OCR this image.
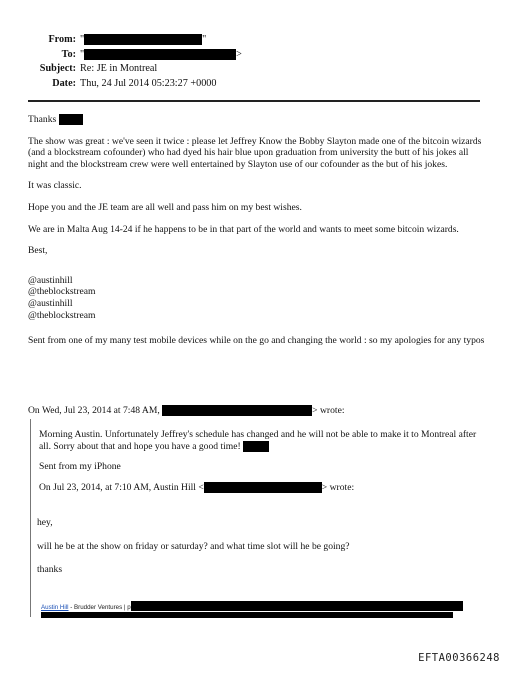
From: "	"
To: "	>
Subject: Re: JE in Montreal
Date: Thu, 24 Jul 2014 05:23:27 +0000

Thanks

The show was great : we've seen it twice : please let Jeffrey Know the Bobby Slayton made one of the bitcoin wizards (and a blockstream cofounder) who had dyed his hair blue upon graduation from university the butt of his jokes all night and the blockstream crew were well entertained by Slayton use of our cofounder as the but of his jokes.

It was classic.

Hope you and the JE team are all well and pass him on my best wishes.

We are in Malta Aug 14-24 if he happens to be in that part of the world and wants to meet some bitcoin wizards.

Best,

@austinhill

@theblockstream

@austinhill

@theblockstream

Sent from one of my many test mobile devices while on the go and changing the world : so my apologies for any typos

On Wed, Jul 23, 2014 at 7:48 AM,	> wrote:

Morning Austin. Unfortunately Jeffrey's schedule has changed and he will not be able to make it to Montreal after all. Sorry about that and hope you have a good time!

Sent from my iPhone

On Jul 23, 2014, at 7:10 AM, Austin Hill <	> wrote:

hey,

will he be at the show on friday or saturday? and what time slot will he be going?

thanks

Austin Hill - Brudder Ventures | p
EFTA00366248
